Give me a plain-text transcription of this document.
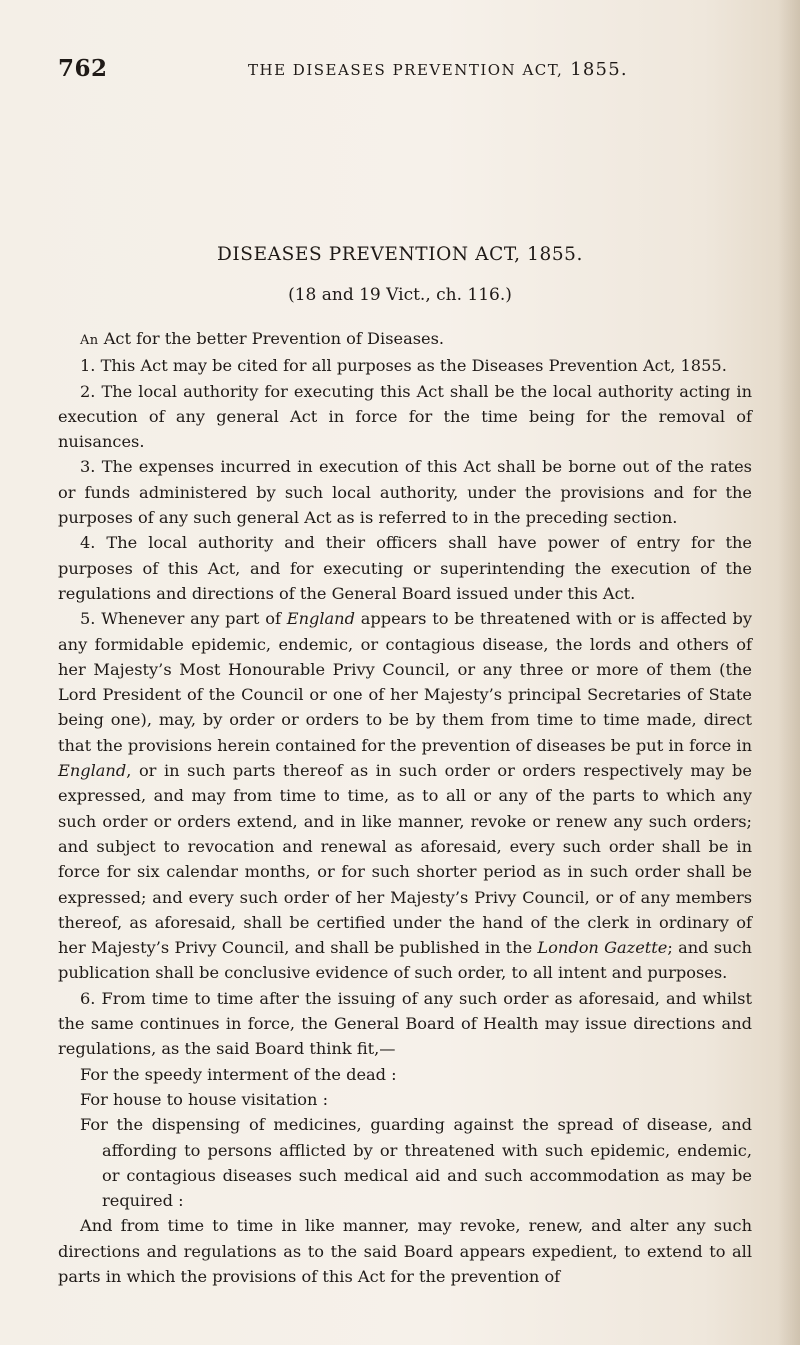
762	THE DISEASES PREVENTION ACT, 1855.
DISEASES PREVENTION ACT, 1855.
(18 and 19 Vict., ch. 116.)

An Act for the better Prevention of Diseases.

1. This Act may be cited for all purposes as the Diseases Prevention Act, 1855.

2. The local authority for executing this Act shall be the local authority acting in execution of any general Act in force for the time being for the removal of nuisances.

3. The expenses incurred in execution of this Act shall be borne out of the rates or funds administered by such local authority, under the provisions and for the purposes of any such general Act as is referred to in the preceding section.

4. The local authority and their officers shall have power of entry for the purposes of this Act, and for executing or superintending the execution of the regulations and directions of the General Board issued under this Act.

5. Whenever any part of England appears to be threatened with or is affected by any formidable epidemic, endemic, or contagious disease, the lords and others of her Majesty’s Most Honourable Privy Council, or any three or more of them (the Lord President of the Council or one of her Majesty’s principal Secretaries of State being one), may, by order or orders to be by them from time to time made, direct that the provisions herein contained for the prevention of diseases be put in force in England, or in such parts thereof as in such order or orders respectively may be expressed, and may from time to time, as to all or any of the parts to which any such order or orders extend, and in like manner, revoke or renew any such orders; and subject to revocation and renewal as aforesaid, every such order shall be in force for six calendar months, or for such shorter period as in such order shall be expressed; and every such order of her Majesty’s Privy Council, or of any members thereof, as aforesaid, shall be certified under the hand of the clerk in ordinary of her Majesty’s Privy Council, and shall be published in the London Gazette; and such publication shall be conclusive evidence of such order, to all intent and purposes.

6. From time to time after the issuing of any such order as aforesaid, and whilst the same continues in force, the General Board of Health may issue directions and regulations, as the said Board think fit,—

For the speedy interment of the dead :

For house to house visitation :

For the dispensing of medicines, guarding against the spread of disease, and affording to persons afflicted by or threatened with such epidemic, endemic, or contagious diseases such medical aid and such accommodation as may be required :

And from time to time in like manner, may revoke, renew, and alter any such directions and regulations as to the said Board appears expedient, to extend to all parts in which the provisions of this Act for the prevention of
